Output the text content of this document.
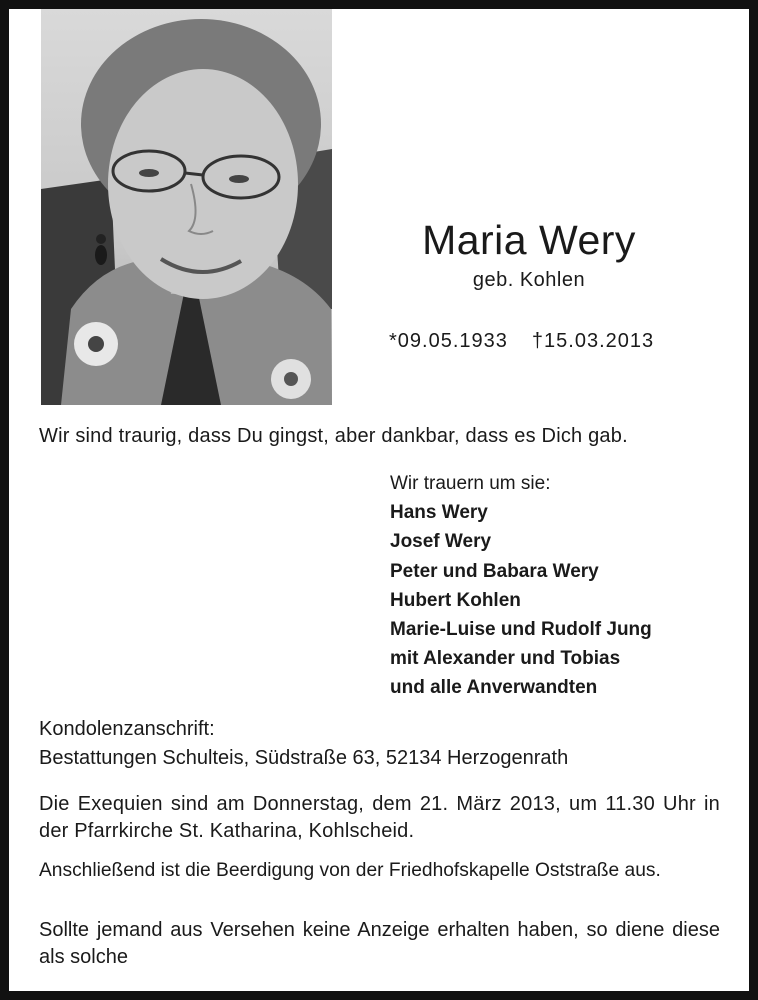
Maria Wery
geb. Kohlen
*09.05.1933 †15.03.2013
Wir sind traurig, dass Du gingst, aber dankbar, dass es Dich gab.
Wir trauern um sie:
Hans Wery
Josef Wery
Peter und Babara Wery
Hubert Kohlen
Marie-Luise und Rudolf Jung
mit Alexander und Tobias
und alle Anverwandten
Kondolenzanschrift:
Bestattungen Schulteis, Südstraße 63, 52134 Herzogenrath
Die Exequien sind am Donnerstag, dem 21. März 2013, um 11.30 Uhr in der Pfarrkirche St. Katharina, Kohlscheid.
Anschließend ist die Beerdigung von der Friedhofskapelle Oststraße aus.
Sollte jemand aus Versehen keine Anzeige erhalten haben, so diene diese als solche
